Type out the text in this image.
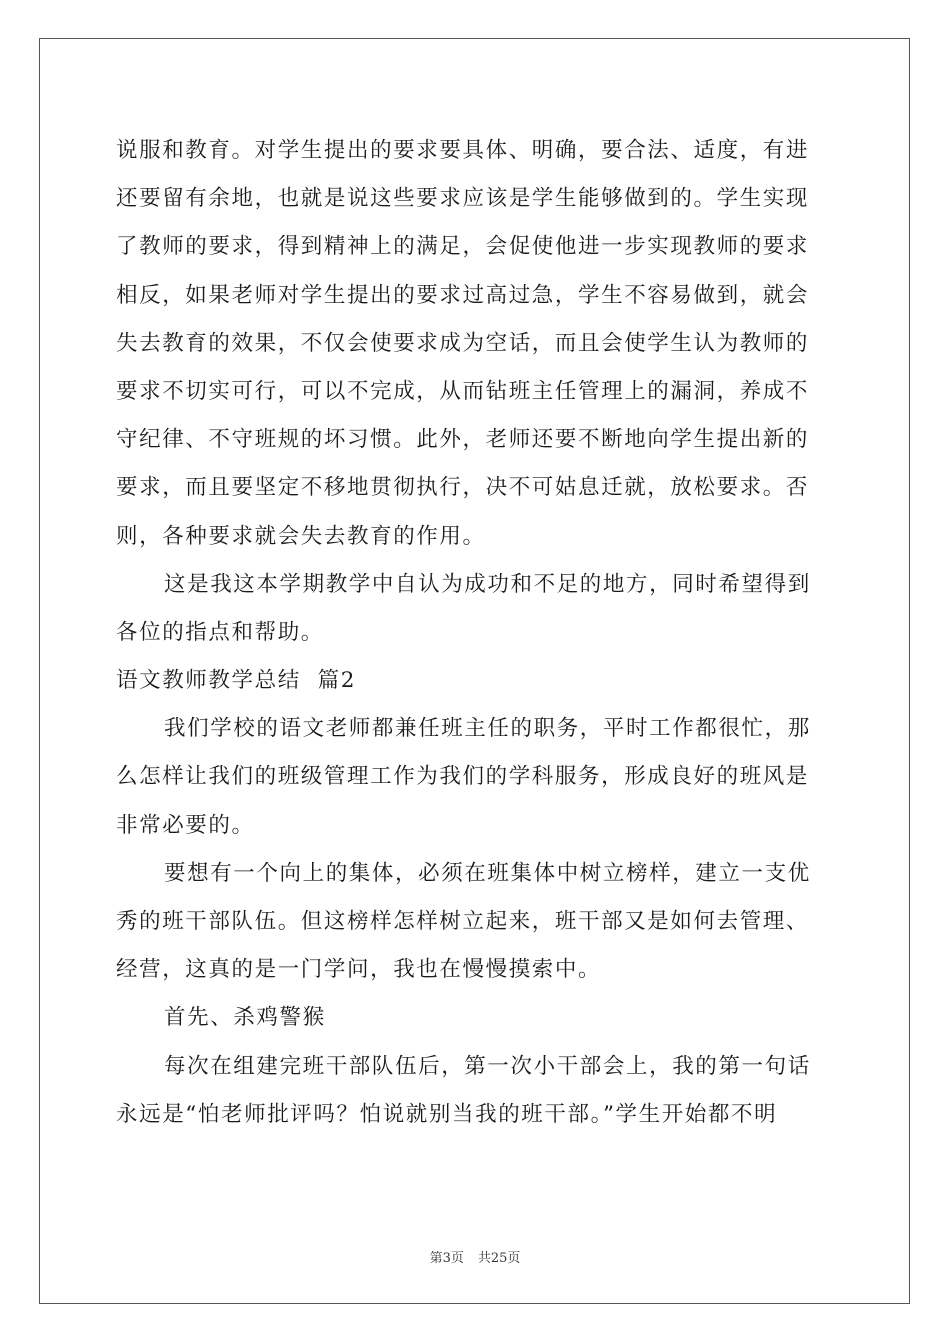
说服和教育。对学生提出的要求要具体、明确，要合法、适度，有进
还要留有余地，也就是说这些要求应该是学生能够做到的。学生实现
了教师的要求，得到精神上的满足，会促使他进一步实现教师的要求
相反，如果老师对学生提出的要求过高过急，学生不容易做到，就会
失去教育的效果，不仅会使要求成为空话，而且会使学生认为教师的
要求不切实可行，可以不完成，从而钻班主任管理上的漏洞，养成不
守纪律、不守班规的坏习惯。此外，老师还要不断地向学生提出新的
要求，而且要坚定不移地贯彻执行，决不可姑息迁就，放松要求。否
则，各种要求就会失去教育的作用。
这是我这本学期教学中自认为成功和不足的地方，同时希望得到
各位的指点和帮助。
语文教师教学总结  篇2
我们学校的语文老师都兼任班主任的职务，平时工作都很忙，那
么怎样让我们的班级管理工作为我们的学科服务，形成良好的班风是
非常必要的。
要想有一个向上的集体，必须在班集体中树立榜样，建立一支优
秀的班干部队伍。但这榜样怎样树立起来，班干部又是如何去管理、
经营，这真的是一门学问，我也在慢慢摸索中。
首先、杀鸡警猴
每次在组建完班干部队伍后，第一次小干部会上，我的第一句话
永远是“怕老师批评吗？怕说就别当我的班干部。”学生开始都不明
第3页 共25页
